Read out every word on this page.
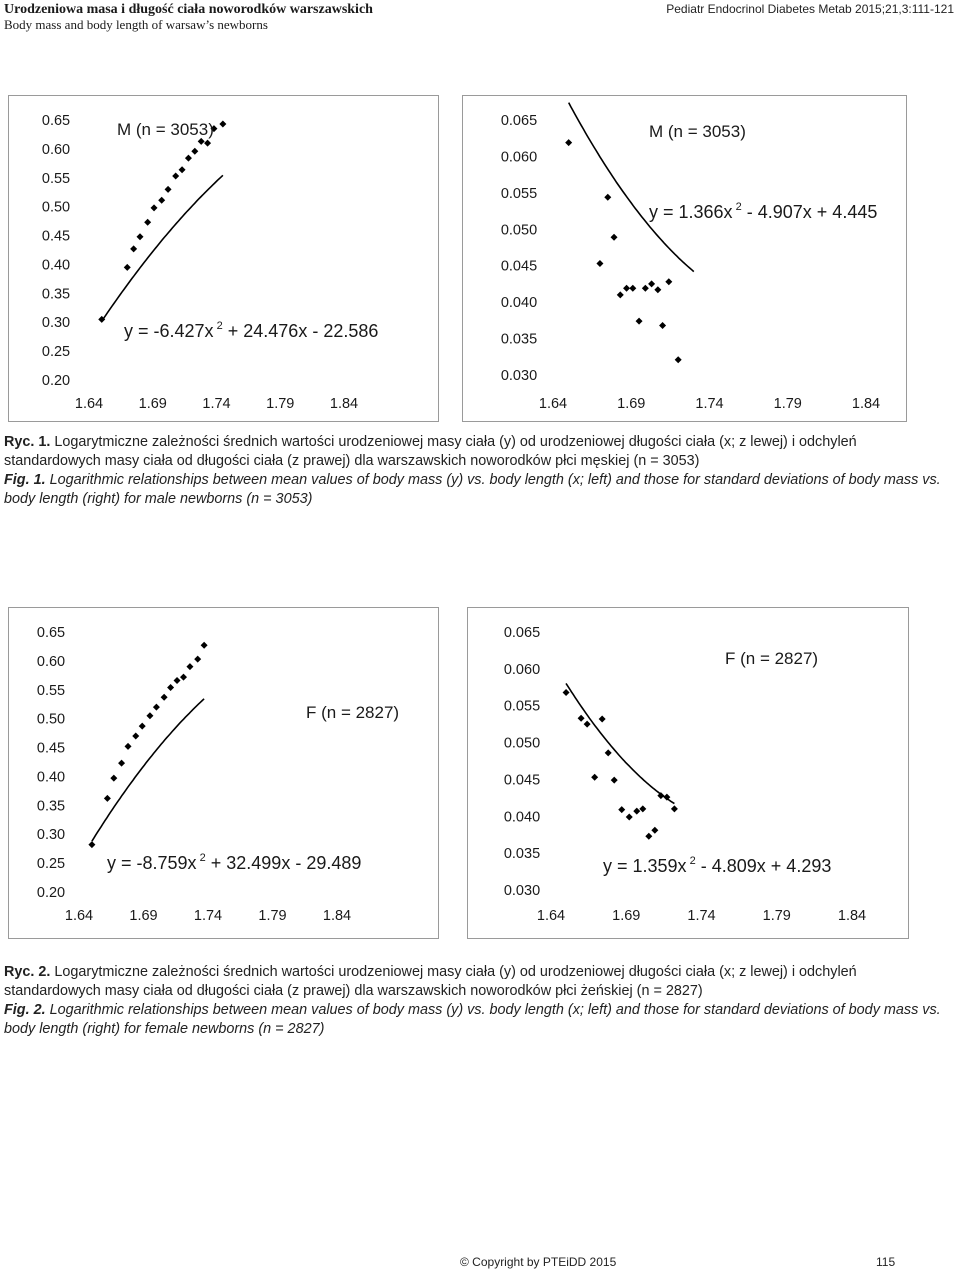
Urodzeniowa masa i długość ciała noworodków warszawskich
Body mass and body length of warsaw’s newborns
Pediatr Endocrinol Diabetes Metab 2015;21,3:111-121
0.65
0.60
0.55
0.50
0.45
0.40
0.35
0.30
0.25
0.20
1.64 1.69 1.74 1.79 1.84
M (n = 3053)
y = -6.427x $^2$ + 24.476x - 22.586
0.065
0.060
0.055
0.050
0.045
0.040
0.035
0.030
1.64	1.69	1.74	1.79	1.84
M (n = 3053)
y = 1.366x $^2$ - 4.907x + 4.445
Ryc. 1. Logarytmiczne zależności średnich wartości urodzeniowej masy ciała (y) od urodzeniowej długości ciała (x; z lewej) i odchyleń standardowych masy ciała od długości ciała (z prawej) dla warszawskich noworodków płci męskiej (n = 3053)
Fig. 1. Logarithmic relationships between mean values of body mass (y) vs. body length (x; left) and those for standard deviations of body mass vs. body length (right) for male newborns (n = 3053)
0.65
0.60
0.55
0.50
0.45
0.40
0.35
0.30
0.25
0.20
1.64	1.69	1.74	1.79	1.84
F (n = 2827)
y = -8.759x $^2$ + 32.499x - 29.489
0.065
0.060
0.055
0.050
0.045
0.040
0.035
0.030
1.64	1.69	1.74	1.79	1.84
F (n = 2827)
y = 1.359x $^2$ - 4.809x + 4.293
Ryc. 2. Logarytmiczne zależności średnich wartości urodzeniowej masy ciała (y) od urodzeniowej długości ciała (x; z lewej) i odchyleń standardowych masy ciała od długości ciała (z prawej) dla warszawskich noworodków płci żeńskiej (n = 2827)
Fig. 2. Logarithmic relationships between mean values of body mass (y) vs. body length (x; left) and those for standard deviations of body mass vs. body length (right) for female newborns (n = 2827)
© Copyright by PTEiDD 2015	115
